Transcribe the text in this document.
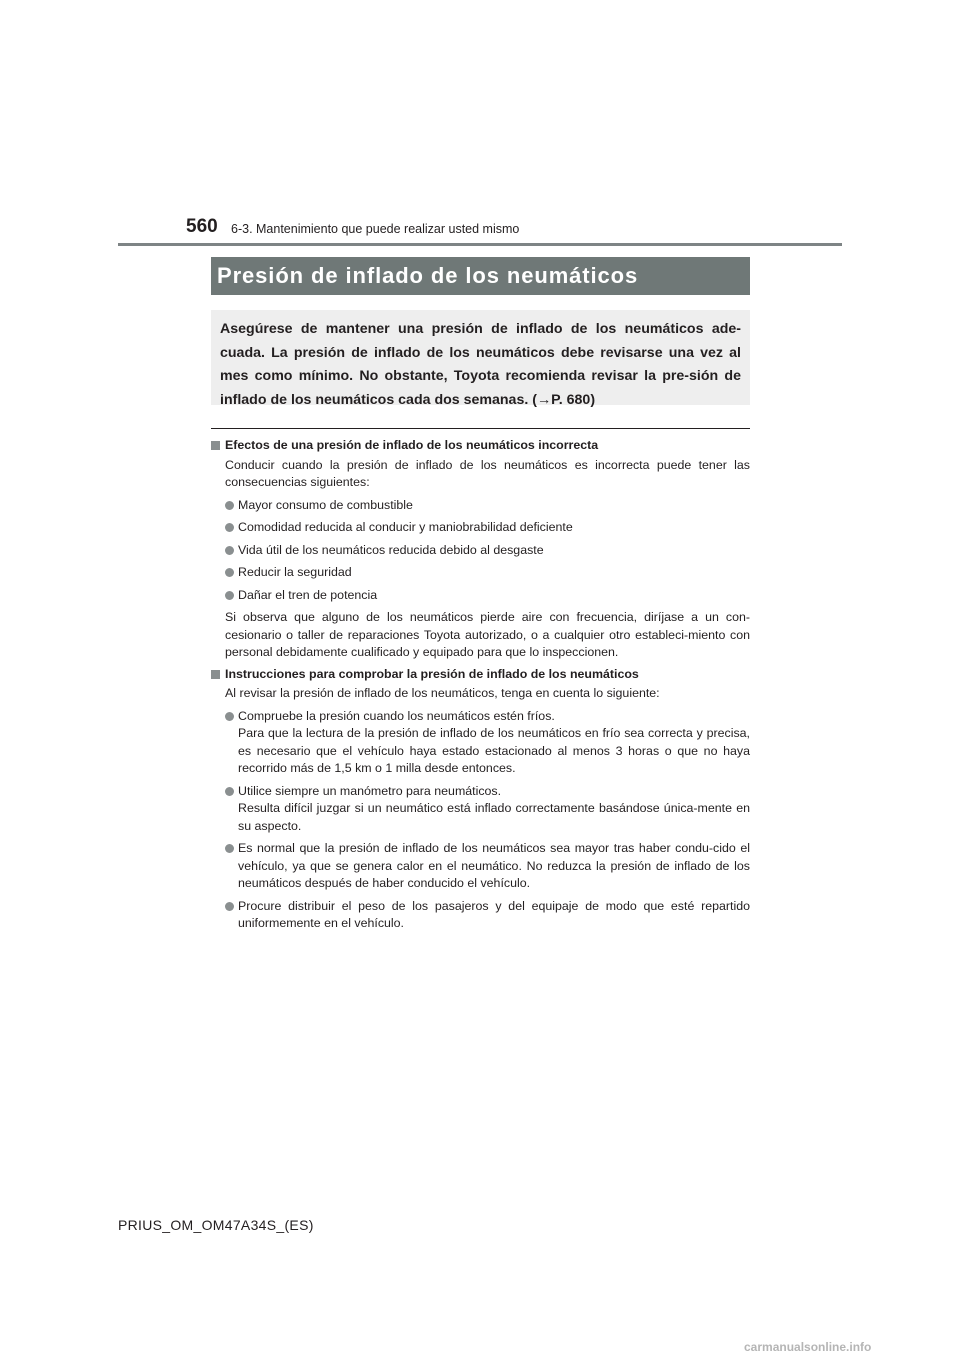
560 6-3. Mantenimiento que puede realizar usted mismo
Presión de inflado de los neumáticos
Asegúrese de mantener una presión de inflado de los neumáticos ade-cuada. La presión de inflado de los neumáticos debe revisarse una vez al mes como mínimo. No obstante, Toyota recomienda revisar la pre-sión de inflado de los neumáticos cada dos semanas. (→P. 680)
Efectos de una presión de inflado de los neumáticos incorrecta
Conducir cuando la presión de inflado de los neumáticos es incorrecta puede tener las consecuencias siguientes:
Mayor consumo de combustible
Comodidad reducida al conducir y maniobrabilidad deficiente
Vida útil de los neumáticos reducida debido al desgaste
Reducir la seguridad
Dañar el tren de potencia
Si observa que alguno de los neumáticos pierde aire con frecuencia, diríjase a un con-cesionario o taller de reparaciones Toyota autorizado, o a cualquier otro estableci-miento con personal debidamente cualificado y equipado para que lo inspeccionen.
Instrucciones para comprobar la presión de inflado de los neumáticos
Al revisar la presión de inflado de los neumáticos, tenga en cuenta lo siguiente:
Compruebe la presión cuando los neumáticos estén fríos.
Para que la lectura de la presión de inflado de los neumáticos en frío sea correcta y precisa, es necesario que el vehículo haya estado estacionado al menos 3 horas o que no haya recorrido más de 1,5 km o 1 milla desde entonces.
Utilice siempre un manómetro para neumáticos.
Resulta difícil juzgar si un neumático está inflado correctamente basándose única-mente en su aspecto.
Es normal que la presión de inflado de los neumáticos sea mayor tras haber condu-cido el vehículo, ya que se genera calor en el neumático. No reduzca la presión de inflado de los neumáticos después de haber conducido el vehículo.
Procure distribuir el peso de los pasajeros y del equipaje de modo que esté repartido uniformemente en el vehículo.
PRIUS_OM_OM47A34S_(ES)
carmanualsonline.info
